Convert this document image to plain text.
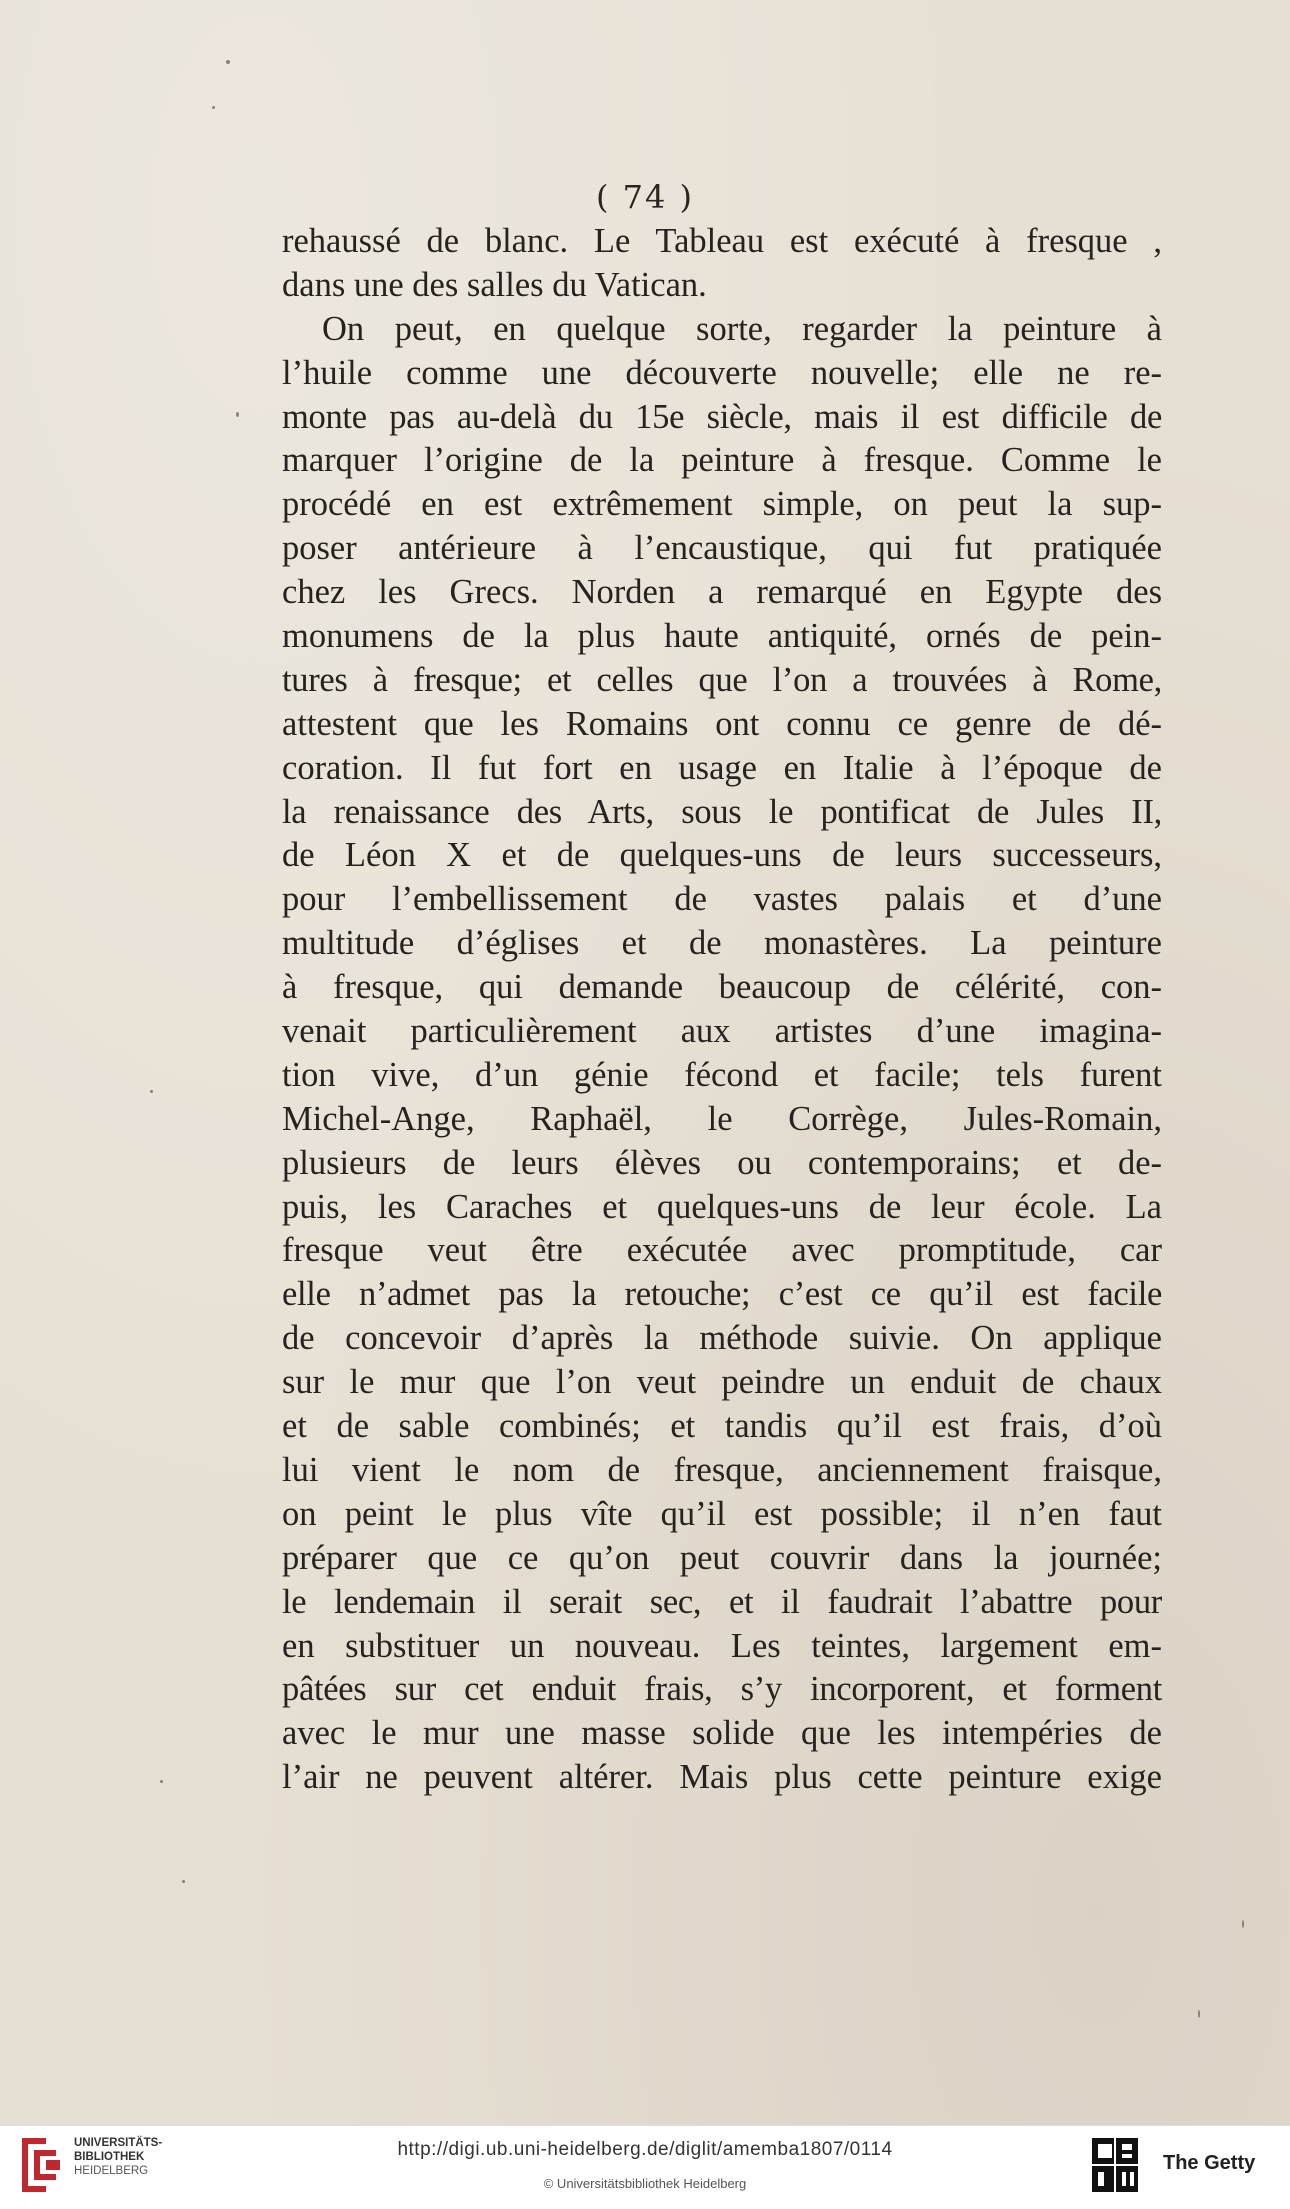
( 74 )
rehaussé de blanc. Le Tableau est exécuté à fresque ,
dans une des salles du Vatican.
On peut, en quelque sorte, regarder la peinture à
l’huile comme une découverte nouvelle; elle ne re-
monte pas au-delà du 15e siècle, mais il est difficile de
marquer l’origine de la peinture à fresque. Comme le
procédé en est extrêmement simple, on peut la sup-
poser antérieure à l’encaustique, qui fut pratiquée
chez les Grecs. Norden a remarqué en Egypte des
monumens de la plus haute antiquité, ornés de pein-
tures à fresque; et celles que l’on a trouvées à Rome,
attestent que les Romains ont connu ce genre de dé-
coration. Il fut fort en usage en Italie à l’époque de
la renaissance des Arts, sous le pontificat de Jules II,
de Léon X et de quelques-uns de leurs successeurs,
pour l’embellissement de vastes palais et d’une
multitude d’églises et de monastères. La peinture
à fresque, qui demande beaucoup de célérité, con-
venait particulièrement aux artistes d’une imagina-
tion vive, d’un génie fécond et facile; tels furent
Michel-Ange, Raphaël, le Corrège, Jules-Romain,
plusieurs de leurs élèves ou contemporains; et de-
puis, les Caraches et quelques-uns de leur école. La
fresque veut être exécutée avec promptitude, car
elle n’admet pas la retouche; c’est ce qu’il est facile
de concevoir d’après la méthode suivie. On applique
sur le mur que l’on veut peindre un enduit de chaux
et de sable combinés; et tandis qu’il est frais, d’où
lui vient le nom de fresque, anciennement fraisque,
on peint le plus vîte qu’il est possible; il n’en faut
préparer que ce qu’on peut couvrir dans la journée;
le lendemain il serait sec, et il faudrait l’abattre pour
en substituer un nouveau. Les teintes, largement em-
pâtées sur cet enduit frais, s’y incorporent, et forment
avec le mur une masse solide que les intempéries de
l’air ne peuvent altérer. Mais plus cette peinture exige
UNIVERSITÄTS-
BIBLIOTHEK
HEIDELBERG
http://digi.ub.uni-heidelberg.de/diglit/amemba1807/0114
© Universitätsbibliothek Heidelberg
The Getty
